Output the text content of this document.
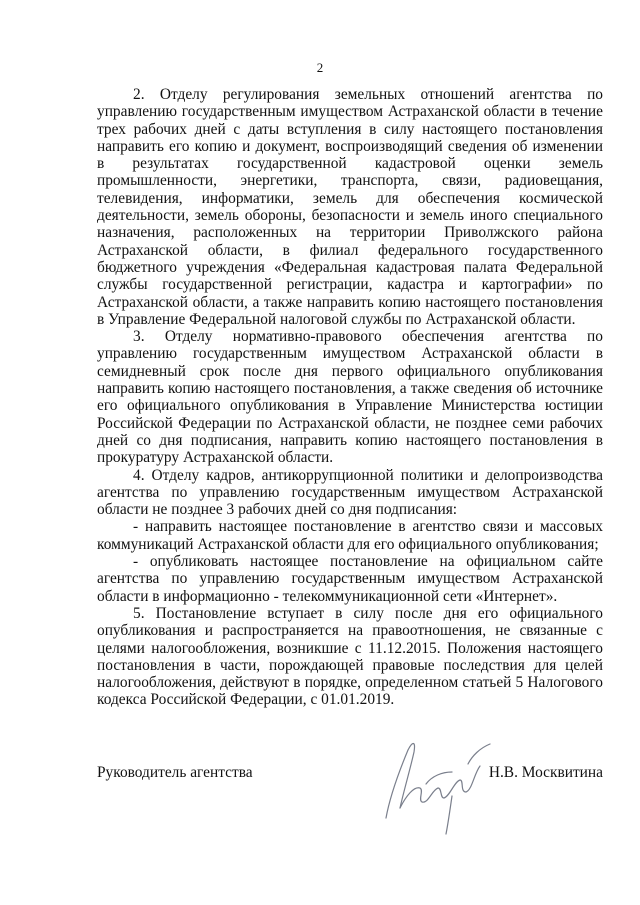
2

2. Отделу регулирования земельных отношений агентства по управлению государственным имуществом Астраханской области в течение трех рабочих дней с даты вступления в силу настоящего постановления направить его копию и документ, воспроизводящий сведения об изменении в результатах государственной кадастровой оценки земель промышленности, энергетики, транспорта, связи, радиовещания, телевидения, информатики, земель для обеспечения космической деятельности, земель обороны, безопасности и земель иного специального назначения, расположенных на территории Приволжского района Астраханской области, в филиал федерального государственного бюджетного учреждения «Федеральная кадастровая палата Федеральной службы государственной регистрации, кадастра и картографии» по Астраханской области, а также направить копию настоящего постановления в Управление Федеральной налоговой службы по Астраханской области.

3. Отделу нормативно-правового обеспечения агентства по управлению государственным имуществом Астраханской области в семидневный срок после дня первого официального опубликования направить копию настоящего постановления, а также сведения об источнике его официального опубликования в Управление Министерства юстиции Российской Федерации по Астраханской области, не позднее семи рабочих дней со дня подписания, направить копию настоящего постановления в прокуратуру Астраханской области.

4. Отделу кадров, антикоррупционной политики и делопроизводства агентства по управлению государственным имуществом Астраханской области не позднее 3 рабочих дней со дня подписания:

- направить настоящее постановление в агентство связи и массовых коммуникаций Астраханской области для его официального опубликования;

- опубликовать настоящее постановление на официальном сайте агентства по управлению государственным имуществом Астраханской области в информационно - телекоммуникационной сети «Интернет».

5. Постановление вступает в силу после дня его официального опубликования и распространяется на правоотношения, не связанные с целями налогообложения, возникшие с 11.12.2015. Положения настоящего постановления в части, порождающей правовые последствия для целей налогообложения, действуют в порядке, определенном статьей 5 Налогового кодекса Российской Федерации, с 01.01.2019.

Руководитель агентства	Н.В. Москвитина
